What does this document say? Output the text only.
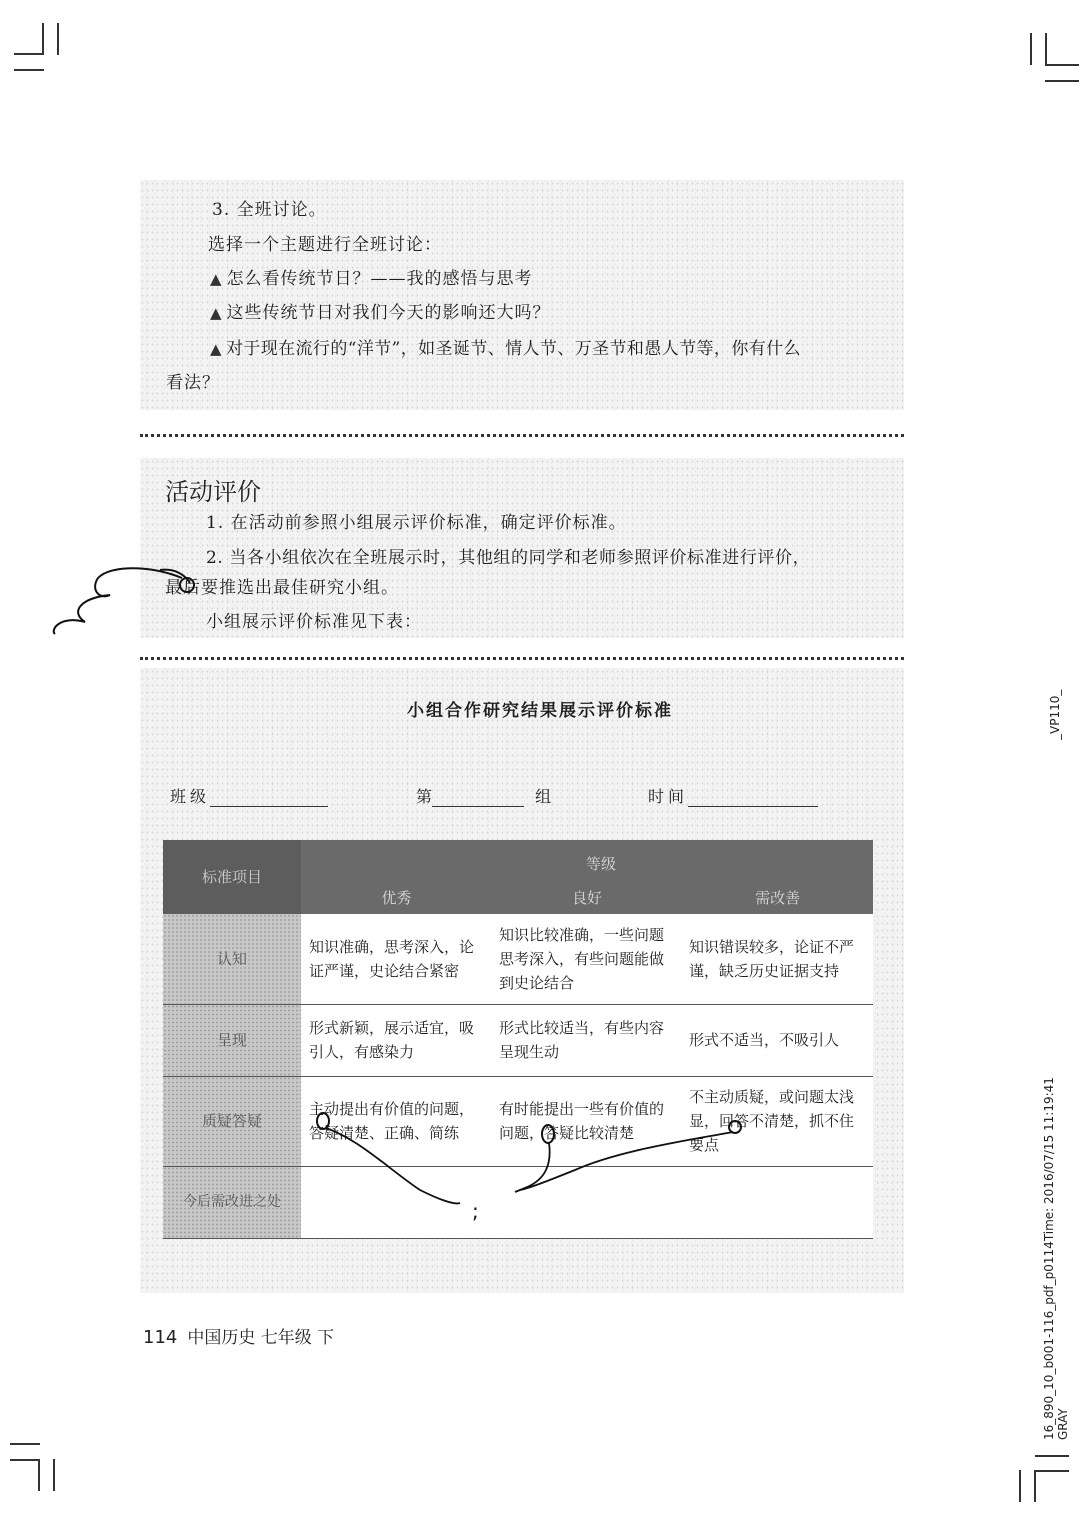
3. 全班讨论。
选择一个主题进行全班讨论：
▲ 怎么看传统节日？——我的感悟与思考
▲ 这些传统节日对我们今天的影响还大吗？
▲ 对于现在流行的“洋节”，如圣诞节、情人节、万圣节和愚人节等，你有什么
看法？
活动评价
1. 在活动前参照小组展示评价标准，确定评价标准。
2. 当各小组依次在全班展示时，其他组的同学和老师参照评价标准进行评价，
最后要推选出最佳研究小组。
小组展示评价标准见下表：
小组合作研究结果展示评价标准
班级	第	组	时间
标准项目	等级
优秀 良好 需改善		

认知	知识准确，思考深入，论证严谨，史论结合紧密	知识比较准确，一些问题思考深入，有些问题能做到史论结合	知识错误较多，论证不严谨，缺乏历史证据支持
呈现	形式新颖，展示适宜，吸引人，有感染力	形式比较适当，有些内容呈现生动	形式不适当，不吸引人
质疑答疑	主动提出有价值的问题，答疑清楚、正确、简练	有时能提出一些有价值的问题，答疑比较清楚	不主动质疑，或问题太浅显，回答不清楚，抓不住要点
今后需改进之处				;
114 中国历史 七年级 下
_VP110_
16_890_10_b001-116_pdf_p0114Time: 2016/07/15 11:19:41 GRAY
